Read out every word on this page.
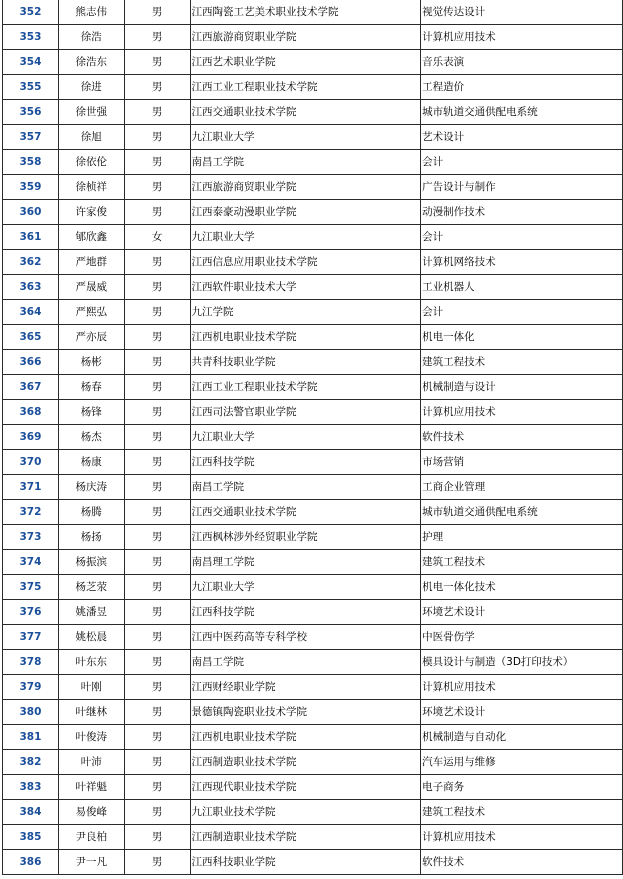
352	熊志伟	男	江西陶瓷工艺美术职业技术学院	视觉传达设计
353	徐浩	男	江西旅游商贸职业学院	计算机应用技术
354	徐浩东	男	江西艺术职业学院	音乐表演
355	徐进	男	江西工业工程职业技术学院	工程造价
356	徐世强	男	江西交通职业技术学院	城市轨道交通供配电系统
357	徐旭	男	九江职业大学	艺术设计
358	徐依伦	男	南昌工学院	会计
359	徐桢祥	男	江西旅游商贸职业学院	广告设计与制作
360	许家俊	男	江西泰豪动漫职业学院	动漫制作技术
361	郇欣鑫	女	九江职业大学	会计
362	严地群	男	江西信息应用职业技术学院	计算机网络技术
363	严晟威	男	江西软件职业技术大学	工业机器人
364	严熙弘	男	九江学院	会计
365	严亦辰	男	江西机电职业技术学院	机电一体化
366	杨彬	男	共青科技职业学院	建筑工程技术
367	杨春	男	江西工业工程职业技术学院	机械制造与设计
368	杨锋	男	江西司法警官职业学院	计算机应用技术
369	杨杰	男	九江职业大学	软件技术
370	杨康	男	江西科技学院	市场营销
371	杨庆涛	男	南昌工学院	工商企业管理
372	杨腾	男	江西交通职业技术学院	城市轨道交通供配电系统
373	杨扬	男	江西枫林涉外经贸职业学院	护理
374	杨振滨	男	南昌理工学院	建筑工程技术
375	杨芝荥	男	九江职业大学	机电一体化技术
376	姚潘昱	男	江西科技学院	环境艺术设计
377	姚松晨	男	江西中医药高等专科学校	中医骨伤学
378	叶东东	男	南昌工学院	模具设计与制造（3D打印技术）
379	叶刚	男	江西财经职业学院	计算机应用技术
380	叶继林	男	景德镇陶瓷职业技术学院	环境艺术设计
381	叶俊涛	男	江西机电职业技术学院	机械制造与自动化
382	叶沛	男	江西制造职业技术学院	汽车运用与维修
383	叶祥魁	男	江西现代职业技术学院	电子商务
384	易俊峰	男	九江职业技术学院	建筑工程技术
385	尹良柏	男	江西制造职业技术学院	计算机应用技术
386	尹一凡	男	江西科技职业学院	软件技术
